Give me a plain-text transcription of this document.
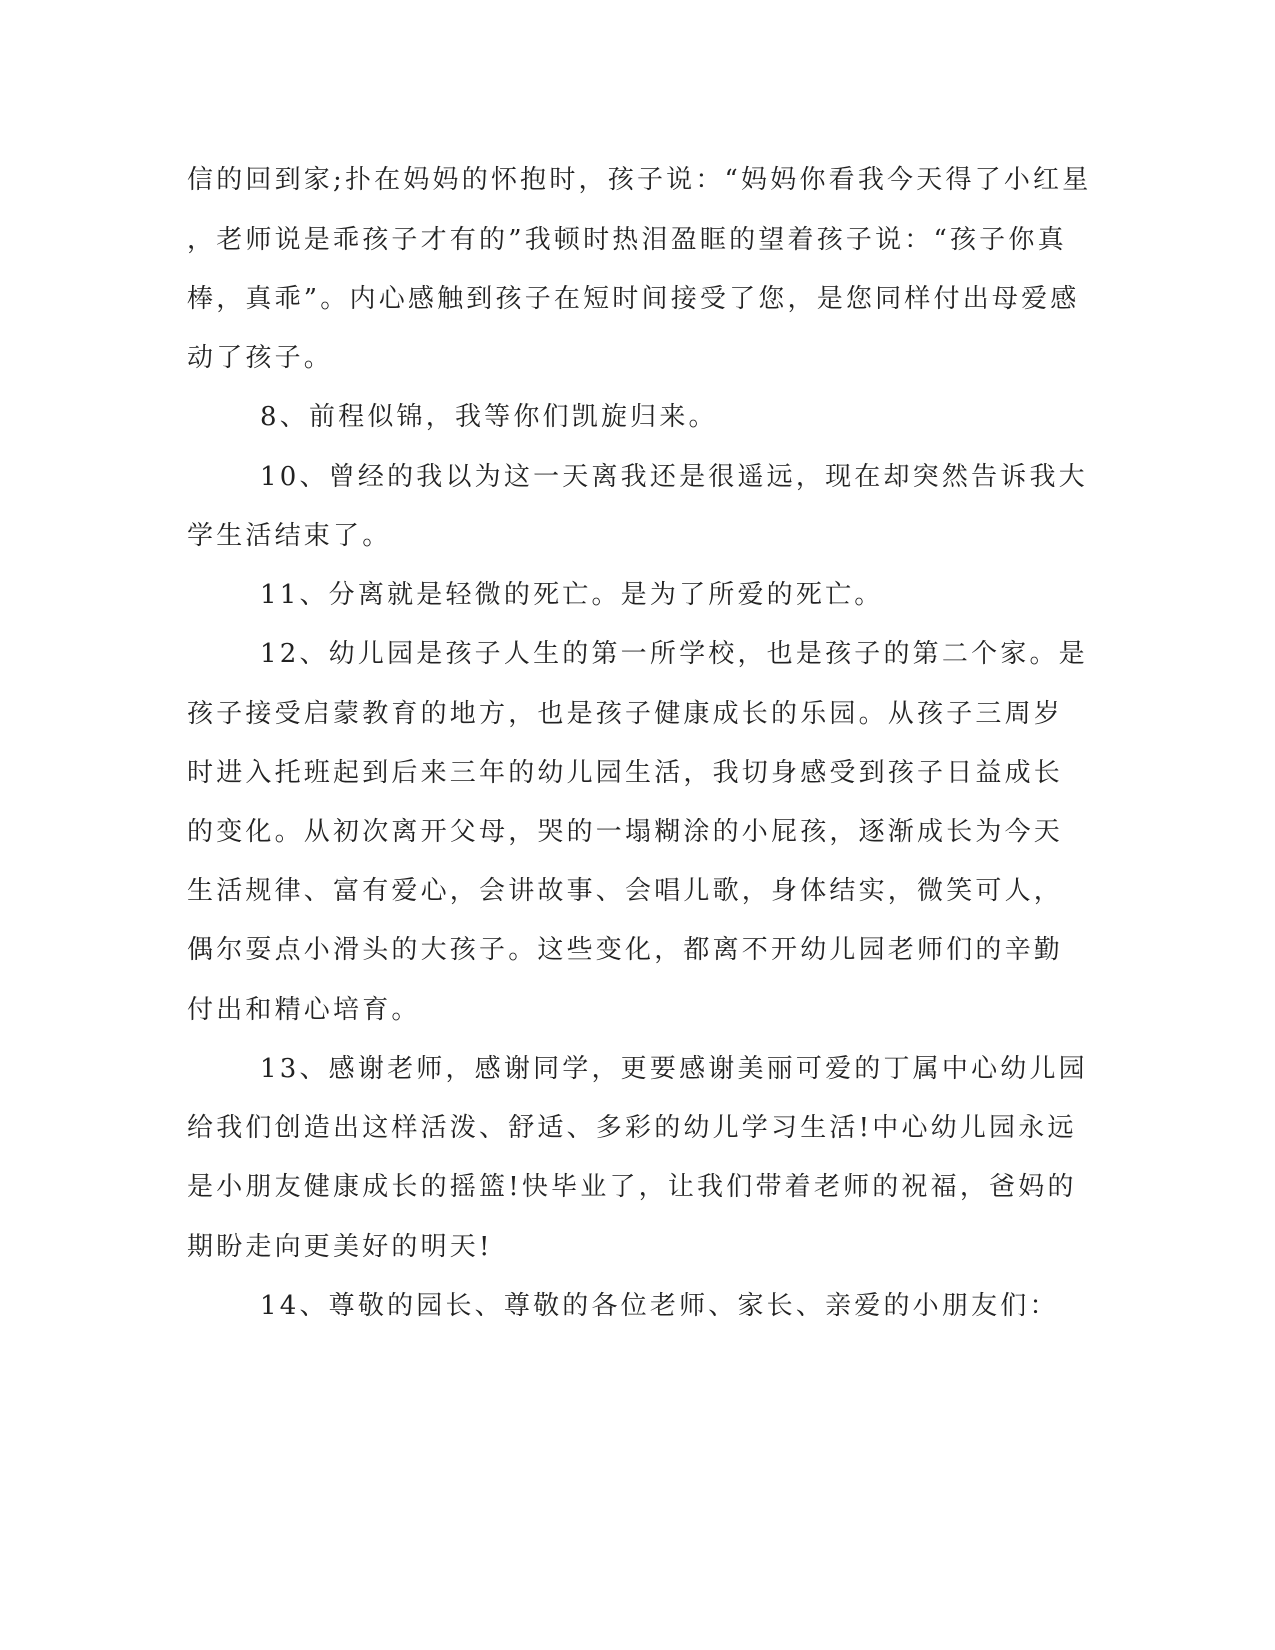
信的回到家;扑在妈妈的怀抱时，孩子说：“妈妈你看我今天得了小红星
，老师说是乖孩子才有的”我顿时热泪盈眶的望着孩子说：“孩子你真
棒，真乖”。内心感触到孩子在短时间接受了您，是您同样付出母爱感
动了孩子。
8、前程似锦，我等你们凯旋归来。
10、曾经的我以为这一天离我还是很遥远，现在却突然告诉我大
学生活结束了。
11、分离就是轻微的死亡。是为了所爱的死亡。
12、幼儿园是孩子人生的第一所学校，也是孩子的第二个家。是
孩子接受启蒙教育的地方，也是孩子健康成长的乐园。从孩子三周岁
时进入托班起到后来三年的幼儿园生活，我切身感受到孩子日益成长
的变化。从初次离开父母，哭的一塌糊涂的小屁孩，逐渐成长为今天
生活规律、富有爱心，会讲故事、会唱儿歌，身体结实，微笑可人，
偶尔耍点小滑头的大孩子。这些变化，都离不开幼儿园老师们的辛勤
付出和精心培育。
13、感谢老师，感谢同学，更要感谢美丽可爱的丁属中心幼儿园
给我们创造出这样活泼、舒适、多彩的幼儿学习生活!中心幼儿园永远
是小朋友健康成长的摇篮!快毕业了，让我们带着老师的祝福，爸妈的
期盼走向更美好的明天!
14、尊敬的园长、尊敬的各位老师、家长、亲爱的小朋友们：
